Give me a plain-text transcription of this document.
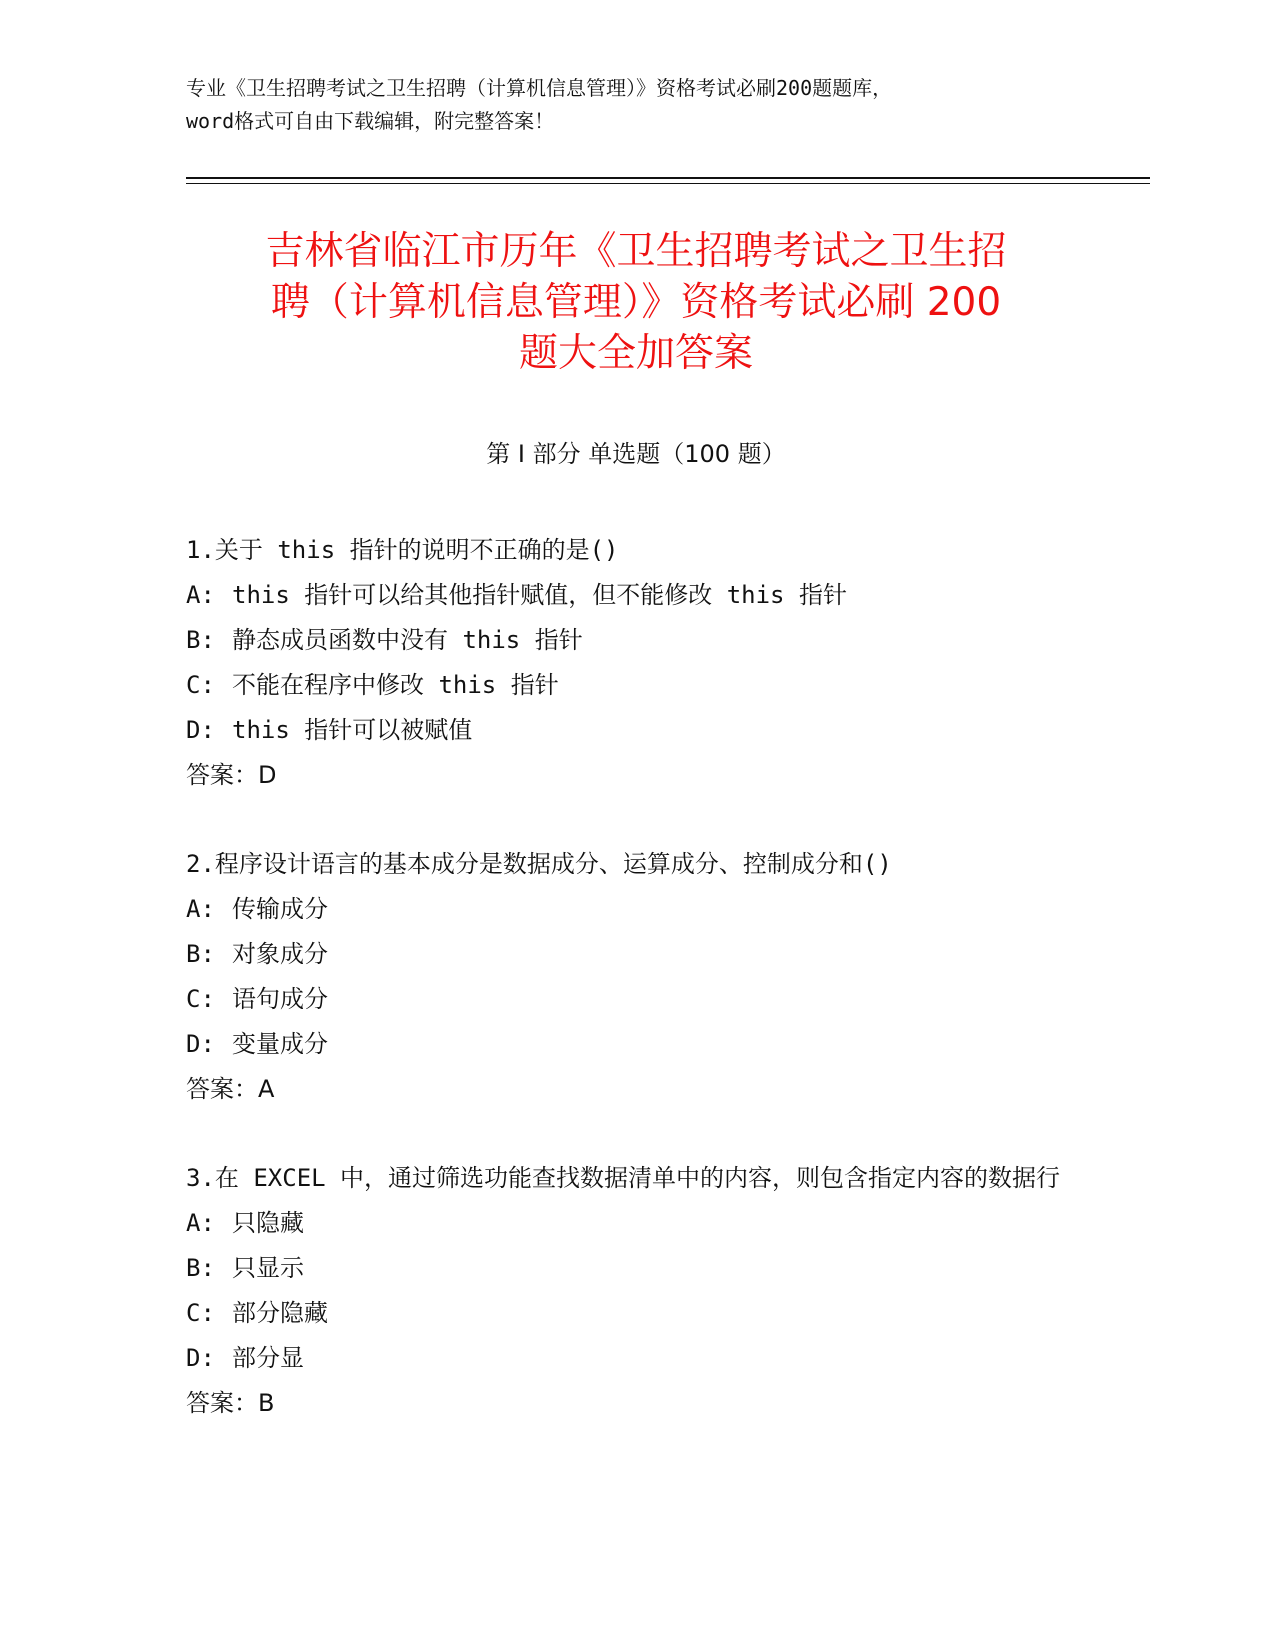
专业《卫生招聘考试之卫生招聘（计算机信息管理）》资格考试必刷200题题库，
word格式可自由下载编辑，附完整答案！
吉林省临江市历年《卫生招聘考试之卫生招
聘（计算机信息管理）》资格考试必刷 200
题大全加答案
第 I 部分 单选题（100 题）
1.关于 this 指针的说明不正确的是()
A: this 指针可以给其他指针赋值，但不能修改 this 指针
B: 静态成员函数中没有 this 指针
C: 不能在程序中修改 this 指针
D: this 指针可以被赋值
答案：D
2.程序设计语言的基本成分是数据成分、运算成分、控制成分和()
A: 传输成分
B: 对象成分
C: 语句成分
D: 变量成分
答案：A
3.在 EXCEL 中，通过筛选功能查找数据清单中的内容，则包含指定内容的数据行
A: 只隐藏
B: 只显示
C: 部分隐藏
D: 部分显
答案：B
